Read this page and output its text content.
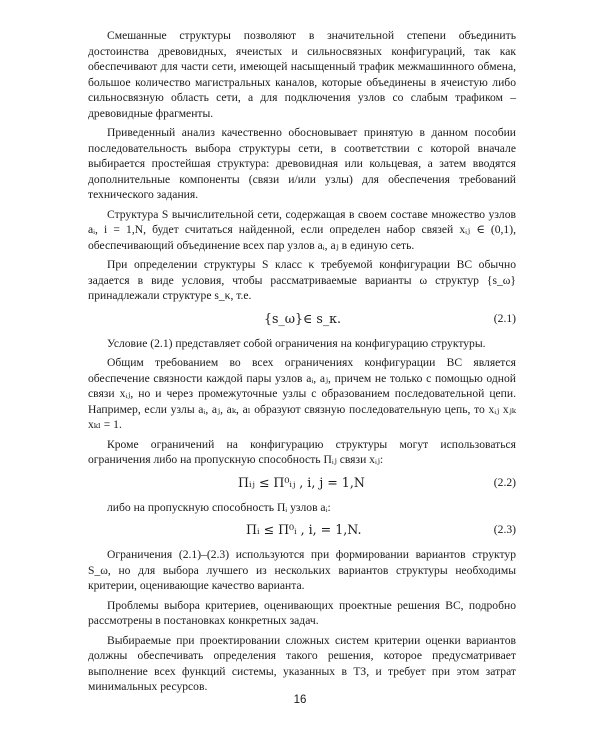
Смешанные структуры позволяют в значительной степени объединить достоинства древовидных, ячеистых и сильносвязных конфигураций, так как обеспечивают для части сети, имеющей насыщенный трафик межмашинного обмена, большое количество магистральных каналов, которые объединены в ячеистую либо сильносвязную область сети, а для подключения узлов со слабым трафиком – древовидные фрагменты.

Приведенный анализ качественно обосновывает принятую в данном пособии последовательность выбора структуры сети, в соответствии с которой вначале выбирается простейшая структура: древовидная или кольцевая, а затем вводятся дополнительные компоненты (связи и/или узлы) для обеспечения требований технического задания.

Структура S вычислительной сети, содержащая в своем составе множество узлов aᵢ, i = 1,N, будет считаться найденной, если определен набор связей xᵢⱼ ∈ (0,1), обеспечивающий объединение всех пар узлов aᵢ, aⱼ в единую сеть.

При определении структуры S класс κ требуемой конфигурации ВС обычно задается в виде условия, чтобы рассматриваемые варианты ω структур {s_ω} принадлежали структуре s_κ, т.е.

{s_ω}∈ s_κ.	(2.1)

Условие (2.1) представляет собой ограничения на конфигурацию структуры.

Общим требованием во всех ограничениях конфигурации ВС является обеспечение связности каждой пары узлов aᵢ, aⱼ, причем не только с помощью одной связи xᵢⱼ, но и через промежуточные узлы с образованием последовательной цепи. Например, если узлы aᵢ, aⱼ, aₖ, aₗ образуют связную последовательную цепь, то xᵢⱼ xⱼₖ xₖₗ = 1.

Кроме ограничений на конфигурацию структуры могут использоваться ограничения либо на пропускную способность Пᵢⱼ связи xᵢⱼ:

Пᵢⱼ ≤ П⁰ᵢⱼ , i, j = 1,N	(2.2)

либо на пропускную способность Пᵢ узлов aᵢ:

Пᵢ ≤ П⁰ᵢ , i, = 1,N.	(2.3)

Ограничения (2.1)–(2.3) используются при формировании вариантов структур S_ω, но для выбора лучшего из нескольких вариантов структуры необходимы критерии, оценивающие качество варианта.

Проблемы выбора критериев, оценивающих проектные решения ВС, подробно рассмотрены в постановках конкретных задач.

Выбираемые при проектировании сложных систем критерии оценки вариантов должны обеспечивать определения такого решения, которое предусматривает выполнение всех функций системы, указанных в ТЗ, и требует при этом затрат минимальных ресурсов.

16
